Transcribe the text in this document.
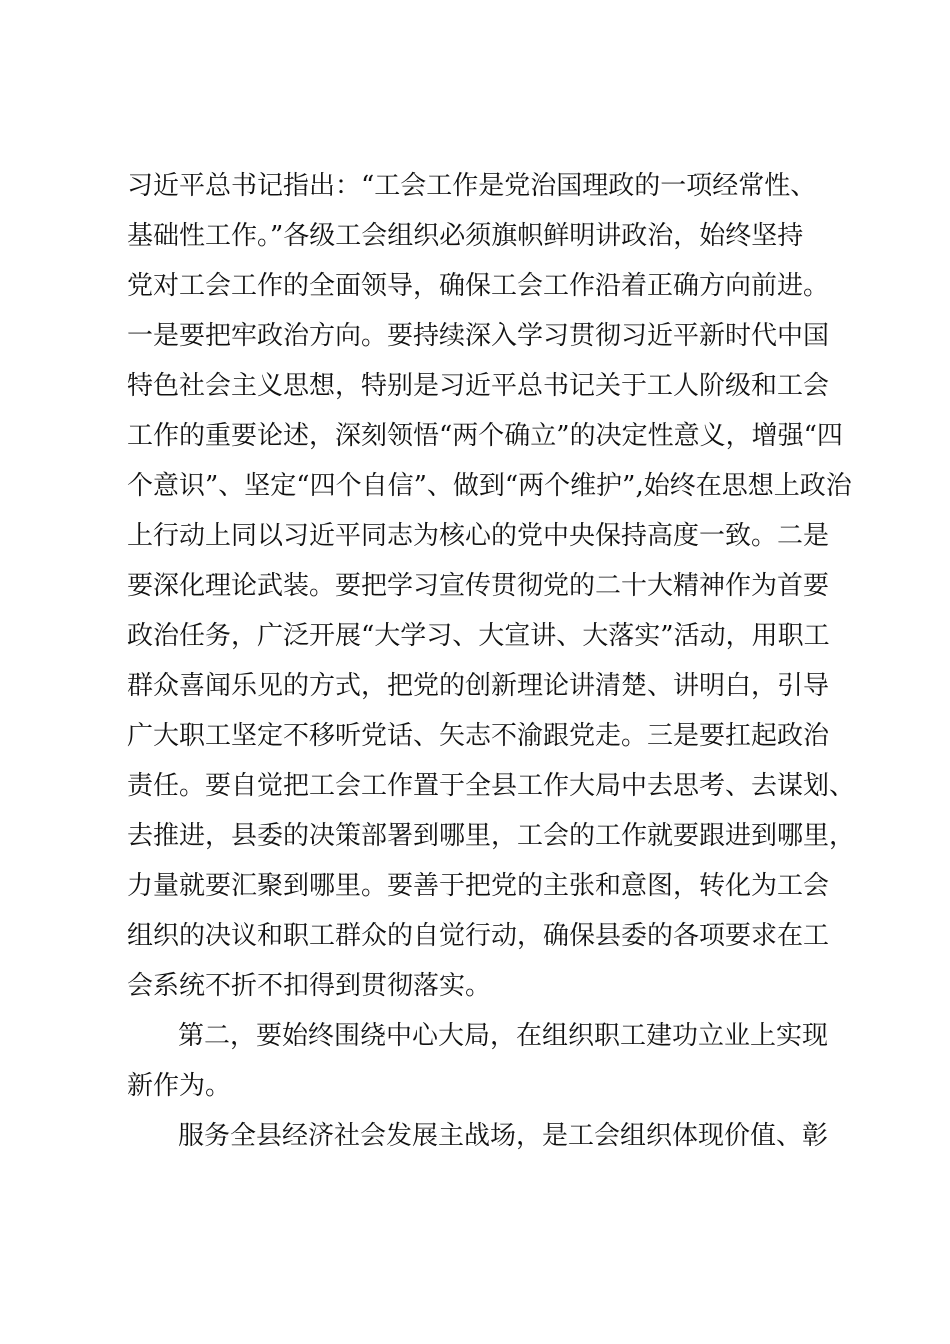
习近平总书记指出：“工会工作是党治国理政的一项经常性、
基础性工作。”各级工会组织必须旗帜鲜明讲政治，始终坚持
党对工会工作的全面领导，确保工会工作沿着正确方向前进。
一是要把牢政治方向。要持续深入学习贯彻习近平新时代中国
特色社会主义思想，特别是习近平总书记关于工人阶级和工会
工作的重要论述，深刻领悟“两个确立”的决定性意义，增强“四
个意识”、坚定“四个自信”、做到“两个维护”,始终在思想上政治
上行动上同以习近平同志为核心的党中央保持高度一致。二是
要深化理论武装。要把学习宣传贯彻党的二十大精神作为首要
政治任务，广泛开展“大学习、大宣讲、大落实”活动，用职工
群众喜闻乐见的方式，把党的创新理论讲清楚、讲明白，引导
广大职工坚定不移听党话、矢志不渝跟党走。三是要扛起政治
责任。要自觉把工会工作置于全县工作大局中去思考、去谋划、
去推进，县委的决策部署到哪里，工会的工作就要跟进到哪里，
力量就要汇聚到哪里。要善于把党的主张和意图，转化为工会
组织的决议和职工群众的自觉行动，确保县委的各项要求在工
会系统不折不扣得到贯彻落实。
第二，要始终围绕中心大局，在组织职工建功立业上实现
新作为。
服务全县经济社会发展主战场，是工会组织体现价值、彰
